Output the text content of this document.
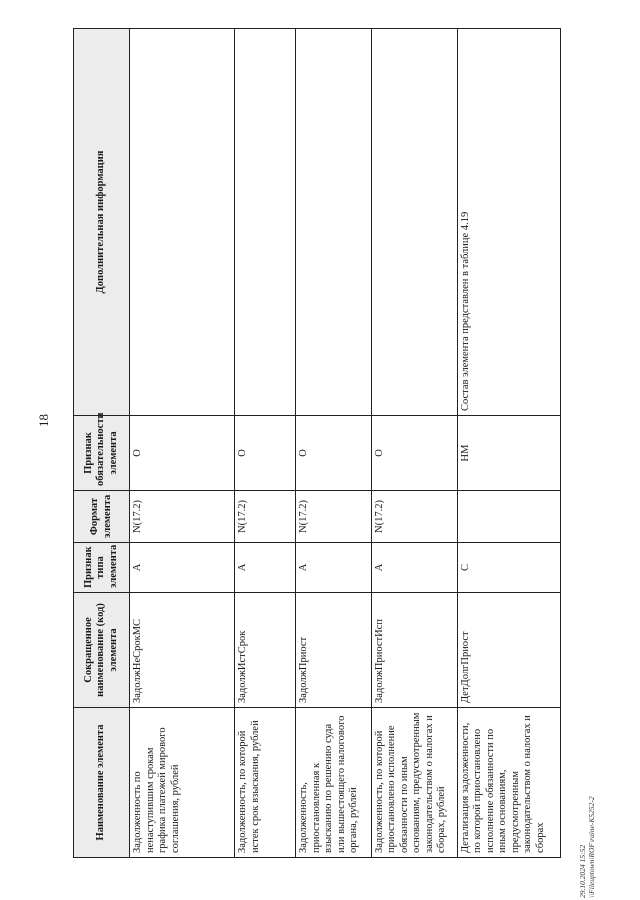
18
Наименование элемента	Сокращенное наименование (код) элемента	Признак типа элемента	Формат элемента	Признак обязательности элемента	Дополнительная информация
Задолженность по ненаступившим срокам графика платежей мирового соглашения, рублей	ЗадолжНеСрокМС	А	N(17.2)	О	
Задолженность, по которой истек срок взыскания, рублей	ЗадолжИстСрок	А	N(17.2)	О	
Задолженность, приостановленная к взысканию по решению суда или вышестоящего налогового органа, рублей	ЗадолжПриост	А	N(17.2)	О	
Задолженность, по которой приостановлено исполнение обязанности по иным основаниям, предусмотренным законодательством о налогах и сборах, рублей	ЗадолжПриостИсп	А	N(17.2)	О	
Детализация задолженности, по которой приостановлено исполнение обязанности по иным основаниям, предусмотренным законодательством о налогах и сборах	ДетДолгПриост	С		НМ	Состав элемента представлен в таблице 4.19
29.10.2024 15:52 \\Fileuptown\ROF\raine-K5252-2
